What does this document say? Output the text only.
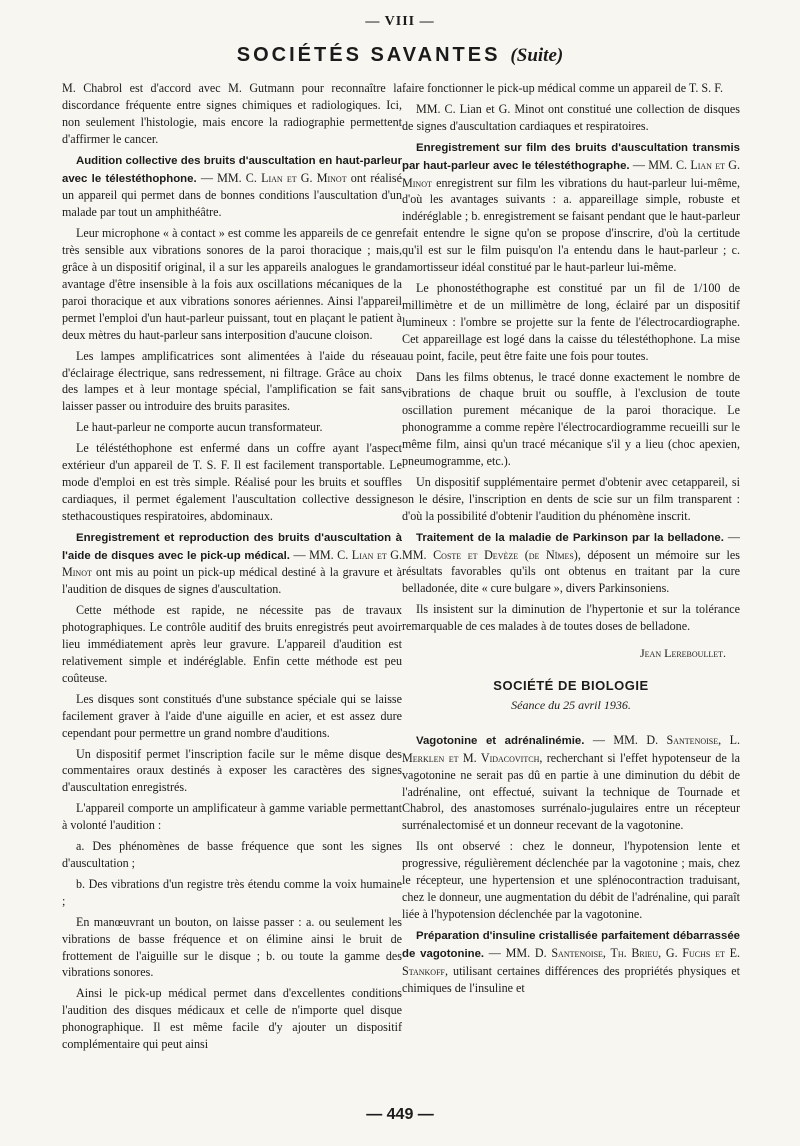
— VIII —
SOCIÉTÉS SAVANTES (Suite)

M. Chabrol est d'accord avec M. Gutmann pour reconnaître la discordance fréquente entre signes chimiques et radiologiques. Ici, non seulement l'histologie, mais encore la radiographie permettent d'affirmer le cancer.

Audition collective des bruits d'auscultation en haut-parleur avec le télestéthophone. — MM. C. Lian et G. Minot ont réalisé un appareil qui permet dans de bonnes conditions l'auscultation d'un malade par tout un amphithéâtre.

Leur microphone « à contact » est comme les appareils de ce genre très sensible aux vibrations sonores de la paroi thoracique ; mais, grâce à un dispositif original, il a sur les appareils analogues le grand avantage d'être insensible à la fois aux oscillations mécaniques de la paroi thoracique et aux vibrations sonores aériennes. Ainsi l'appareil permet l'emploi d'un haut-parleur puissant, tout en plaçant le patient à deux mètres du haut-parleur sans interposition d'aucune cloison.

Les lampes amplificatrices sont alimentées à l'aide du réseau d'éclairage électrique, sans redressement, ni filtrage. Grâce au choix des lampes et à leur montage spécial, l'amplification se fait sans laisser passer ou introduire des bruits parasites.

Le haut-parleur ne comporte aucun transformateur.

Le téléstéthophone est enfermé dans un coffre ayant l'aspect extérieur d'un appareil de T. S. F. Il est facilement transportable. Le mode d'emploi en est très simple. Réalisé pour les bruits et souffles cardiaques, il permet également l'auscultation collective dessignes stethacoustiques respiratoires, abdominaux.

Enregistrement et reproduction des bruits d'auscultation à l'aide de disques avec le pick-up médical. — MM. C. Lian et G. Minot ont mis au point un pick-up médical destiné à la gravure et à l'audition de disques de signes d'auscultation.

Cette méthode est rapide, ne nécessite pas de travaux photographiques. Le contrôle auditif des bruits enregistrés peut avoir lieu immédiatement après leur gravure. L'appareil d'audition est relativement simple et indéréglable. Enfin cette méthode est peu coûteuse.

Les disques sont constitués d'une substance spéciale qui se laisse facilement graver à l'aide d'une aiguille en acier, et est assez dure cependant pour permettre un grand nombre d'auditions.

Un dispositif permet l'inscription facile sur le même disque des commentaires oraux destinés à exposer les caractères des signes d'auscultation enregistrés.

L'appareil comporte un amplificateur à gamme variable permettant à volonté l'audition :

a. Des phénomènes de basse fréquence que sont les signes d'auscultation ;

b. Des vibrations d'un registre très étendu comme la voix humaine ;

En manœuvrant un bouton, on laisse passer : a. ou seulement les vibrations de basse fréquence et on élimine ainsi le bruit de frottement de l'aiguille sur le disque ; b. ou toute la gamme des vibrations sonores.

Ainsi le pick-up médical permet dans d'excellentes conditions l'audition des disques médicaux et celle de n'importe quel disque phonographique. Il est même facile d'y ajouter un dispositif complémentaire qui peut ainsi

faire fonctionner le pick-up médical comme un appareil de T. S. F.

MM. C. Lian et G. Minot ont constitué une collection de disques de signes d'auscultation cardiaques et respiratoires.

Enregistrement sur film des bruits d'auscultation transmis par haut-parleur avec le télestéthographe. — MM. C. Lian et G. Minot enregistrent sur film les vibrations du haut-parleur lui-même, d'où les avantages suivants : a. appareillage simple, robuste et indéréglable ; b. enregistrement se faisant pendant que le haut-parleur fait entendre le signe qu'on se propose d'inscrire, d'où la certitude qu'il est sur le film puisqu'on l'a entendu dans le haut-parleur ; c. amortisseur idéal constitué par le haut-parleur lui-même.

Le phonostéthographe est constitué par un fil de 1/100 de millimètre et de un millimètre de long, éclairé par un dispositif lumineux : l'ombre se projette sur la fente de l'électrocardiographe. Cet appareillage est logé dans la caisse du télestéthophone. La mise au point, facile, peut être faite une fois pour toutes.

Dans les films obtenus, le tracé donne exactement le nombre de vibrations de chaque bruit ou souffle, à l'exclusion de toute oscillation purement mécanique de la paroi thoracique. Le phonogramme a comme repère l'électrocardiogramme recueilli sur le même film, ainsi qu'un tracé mécanique s'il y a lieu (choc apexien, pneumogramme, etc.).

Un dispositif supplémentaire permet d'obtenir avec cetappareil, si on le désire, l'inscription en dents de scie sur un film transparent : d'où la possibilité d'obtenir l'audition du phénomène inscrit.

Traitement de la maladie de Parkinson par la belladone. — MM. Coste et Devèze (de Nîmes), déposent un mémoire sur les résultats favorables qu'ils ont obtenus en traitant par la cure belladonée, dite « cure bulgare », divers Parkinsoniens.

Ils insistent sur la diminution de l'hypertonie et sur la tolérance remarquable de ces malades à de toutes doses de belladone.

Jean Lereboullet.
SOCIÉTÉ DE BIOLOGIE
Séance du 25 avril 1936.

Vagotonine et adrénalinémie. — MM. D. Santenoise, L. Merklen et M. Vidacovitch, recherchant si l'effet hypotenseur de la vagotonine ne serait pas dû en partie à une diminution du débit de l'adrénaline, ont effectué, suivant la technique de Tournade et Chabrol, des anastomoses surrénalo-jugulaires entre un récepteur surrénalectomisé et un donneur recevant de la vagotonine.

Ils ont observé : chez le donneur, l'hypotension lente et progressive, régulièrement déclenchée par la vagotonine ; mais, chez le récepteur, une hypertension et une splénocontraction traduisant, chez le donneur, une augmentation du débit de l'adrénaline, qui paraît liée à l'hypotension déclenchée par la vagotonine.

Préparation d'insuline cristallisée parfaitement débarrassée de vagotonine. — MM. D. Santenoise, Th. Brieu, G. Fuchs et E. Stankoff, utilisant certaines différences des propriétés physiques et chimiques de l'insuline et

— 449 —
